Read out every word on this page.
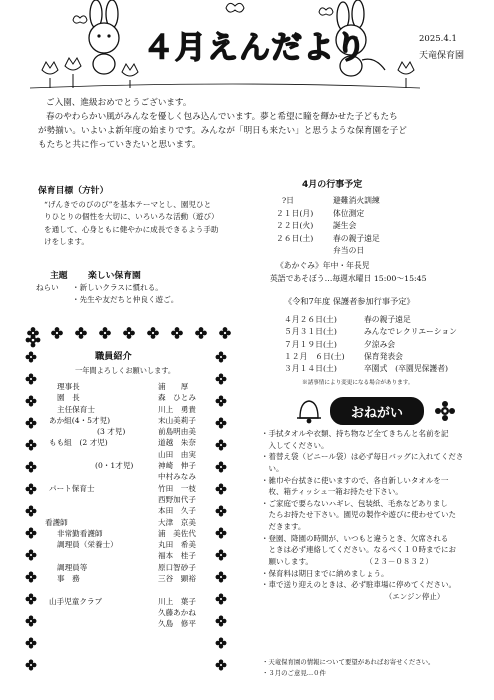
４月えんだより	2025.4.1
天竜保育園

ご入園、進級おめでとうございます。

春のやわらかい風がみんなを優しく包み込んでいます。夢と希望に瞳を輝かせた子どもたち

が勢揃い。いよいよ新年度の始まりです。みんなが「明日も来たい」と思うような保育園を子ど

もたちと共に作っていきたいと思います。

保育目標（方针）
“げんきでのびのび”を基本テーマとし、園児ひと
りひとりの個性を大切に、いろいろな活動（遊び）
を通して、心身ともに健やかに成長できるよう手助
けをします。
主題 楽しい保育園
ねらい ・新しいクラスに慣れる。
・先生や友だちと仲良く遊ご。
職員紹介
一年間よろしくお願いします。
理事長	浦　　厚
園　長	森　ひとみ
主任保育士	川上　勇貴
あか組(4・5才児)	末山美莉子
(3 才児)	前島明由美
もも組　(2 才児)	道越　朱奈
山田　由実
(0・1才児)	神崎　伸子
中村みなみ
パート保育士	竹田　一枝
西野加代子
本田　久子
看護師	大津　京美
非常勤看護師	浦　美佐代
調理員（栄養士）	丸田　希美
福本　桂子
調理員等	原口智砂子
事　務	三谷　顕裕
山手児童クラブ	川上　葉子
久藤あかね
久島　修平
4月の行事予定
?日	避難消火訓練
２１日(月)	体位測定
２２日(火)	誕生会
２６日(土)	春の親子遠足
弁当の日
《あかぐみ》年中・年長児
英語であそぼう…毎週水曜日 15:00～15:45
《令和7年度 保護者参加行事予定》
４月２６日(土)	春の親子遠足
５月３１日(土)	みんなでレクリエーション
７月１９日(土)	夕涼み会
１２月　６日(土) 保育発表会
３月１４日(土)	卒園式　(卒園児保護者)
※諸事情により変更になる場合があります。
おねがい
・手拭タオルや衣類、持ち物など全てきちんと名前を記
　入してください。
・着替え袋（ビニール袋）は必ず毎日バッグに入れてくださ
　い。
・雑巾や台拭きに使いますので、各自新しいタオルを一
　枚、箱ティッシュ一箱お持たせ下さい。
・ご家庭で要らないハギレ、包装紙、毛糸などありまし
　たらお持たせ下さい。園児の製作や遊びに使わせていた
　だきます。
・登園、降園の時間が、いつもと違うとき、欠席される
　ときは必ず連絡してください。なるべく１０時までにお
　願いします。　　　　　　　　（２３－０８３２）
・保育料は期日までに納めましょう。
・車で送り迎えのときは、必ず駐車場に停めてください。
　　　　　　　　　　　　　　　　　（エンジン停止）
・天竜保育園の情報について要望があればお寄せください。
・３月のご意見…０件
